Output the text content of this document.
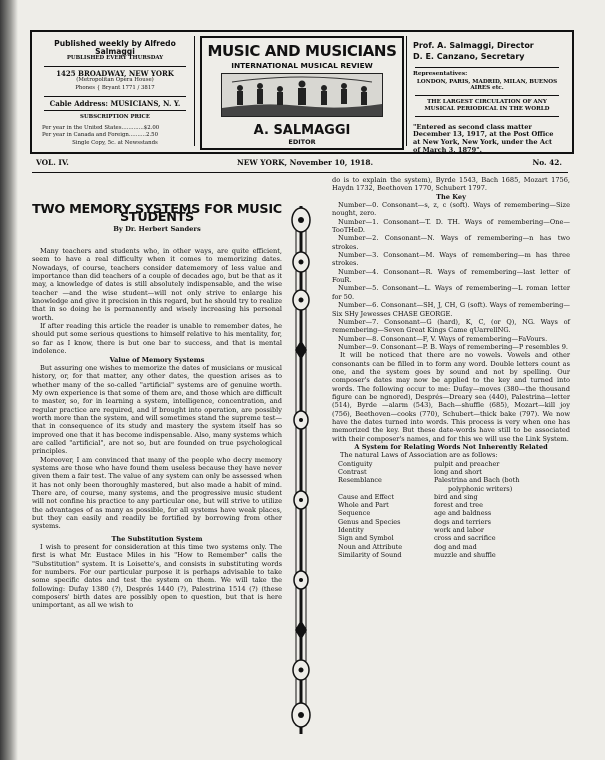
Published weekly by Alfredo Salmaggi
PUBLISHED EVERY THURSDAY
1425 BROADWAY, NEW YORK
(Metropolitan Opera House)
Phones { Bryant 1771 / 3817
Cable Address: MUSICIANS, N. Y.
SUBSCRIPTION PRICE
Per year in the United States.............$2.00
Per year in Canada and Foreign..........2.50
Single Copy, 5c. at Newsstands
MUSIC AND MUSICIANS
INTERNATIONAL MUSICAL REVIEW
A. SALMAGGI
EDITOR
Prof. A. Salmaggi, Director
D. E. Canzano, Secretary
Representatives:
LONDON, PARIS, MADRID, MILAN, BUENOS AIRES etc.
THE LARGEST CIRCULATION OF ANY MUSICAL PERIODICAL IN THE WORLD
"Entered as second class matter December 13, 1917, at the Post Office at New York, New York, under the Act of March 3, 1879".
VOL. IV.	NEW YORK, November 10, 1918.	No. 42.
TWO MEMORY SYSTEMS FOR MUSIC STUDENTS
By Dr. Herbert Sanders

Many teachers and students who, in other ways, are quite efficient, seem to have a real difficulty when it comes to memorizing dates. Nowadays, of course, teachers consider datememory of less value and importance than did teachers of a couple of decades ago, but be that as it may, a knowledge of dates is still absolutely indispensable, and the wise teacher —and the wise student—will not only strive to enlarge his knowledge and give it precision in this regard, but he should try to realize that in so doing he is permanently and wisely increasing his personal worth.

If after reading this article the reader is unable to remember dates, he should put some serious questions to himself relative to his mentality, for, so far as I know, there is but one bar to success, and that is mental indolence.

Value of Memory Systems

But assuring one wishes to memorize the dates of musicians or musical history, or, for that matter, any other dates, the question arises as to whether many of the so-called "artificial" systems are of genuine worth. My own experience is that some of them are, and those which are difficult to master, so, for in learning a system, intelligence, concentration, and regular practice are required, and if brought into operation, are possibly worth more than the system, and will sometimes stand the supreme test—that in consequence of its study and mastery the system itself has so improved one that it has become indispensable. Also, many systems which are called "artificial", are not so, but are founded on true psychological principles.

Moreover, I am convinced that many of the people who decry memory systems are those who have found them useless because they have never given them a fair test. The value of any system can only be assessed when it has not only been thoroughly mastered, but also made a habit of mind. There are, of course, many systems, and the progressive music student will not confine his practice to any particular one, but will strive to utilize the advantages of as many as possible, for all systems have weak places, but they can easily and readily be fortified by borrowing from other systems.

The Substitution System

I wish to present for consideration at this time two systems only. The first is what Mr. Eustace Miles in his "How to Remember" calls the "Substitution" system. It is Loisette's, and consists in substituting words for numbers. For our particular purpose it is perhaps advisable to take some specific dates and test the system on them. We will take the following: Dufay 1380 (?), Després 1440 (?), Palestrina 1514 (?) (these composers' birth dates are possibly open to question, but that is here unimportant, as all we wish to

do is to explain the system), Byrde 1543, Bach 1685, Mozart 1756, Haydn 1732, Beethoven 1770, Schubert 1797.

The Key

Number—0. Consonant—s, z, c (soft). Ways of remembering—Size nought, zero.

Number—1. Consonant—T. D. TH. Ways of remembering—One— TooTHeD.

Number—2. Consonant—N. Ways of remembering—n has two strokes.

Number—3. Consonant—M. Ways of remembering—m has three strokes.

Number—4. Consonant—R. Ways of remembering—last letter of FouR.

Number—5. Consonant—L. Ways of remembering—L roman letter for 50.

Number—6. Consonant—SH, J, CH, G (soft). Ways of remembering—Six SHy Jewesses CHASE GEORGE.

Number—7. Consonant—G (hard), K, C, (or Q), NG. Ways of remembering—Seven Great Kings Came qUarrellNG.

Number—8. Consonant—F, V. Ways of remembering—FaVours.

Number—9. Consonant—P. B. Ways of remembering—P resembles 9.

It will be noticed that there are no vowels. Vowels and other consonants can be filled in to form any word. Double letters count as one, and the system goes by sound and not by spelling. Our composer's dates may now be applied to the key and turned into words. The following occur to me: Dufay—moves (380—the thousand figure can be ngnored), Després—Dreary sea (440), Palestrina—letter (514), Byrde —alarm (543), Bach—shuffle (685), Mozart—kill joy (756), Beethoven—cooks (770), Schubert—thick bake (797). We now have the dates turned into words. This process is very when one has memorized the key. But these date-words have still to be associated with their composer's names, and for this we will use the Link System.

A System for Relating Words Not Inherently Related

The natural Laws of Association are as follows:

Contiguity	pulpit and preacher
Contrast	long and short
Resemblance	Palestrina and Bach (both
	polyphonic writers)
Cause and Effect	bird and sing
Whole and Part	forest and tree
Sequence	age and baldness
Genus and Species	dogs and terriers
Identity	work and labor
Sign and Symbol	cross and sacrifice
Noun and Attribute	dog and mad
Similarity of Sound	muzzle and shuffle
